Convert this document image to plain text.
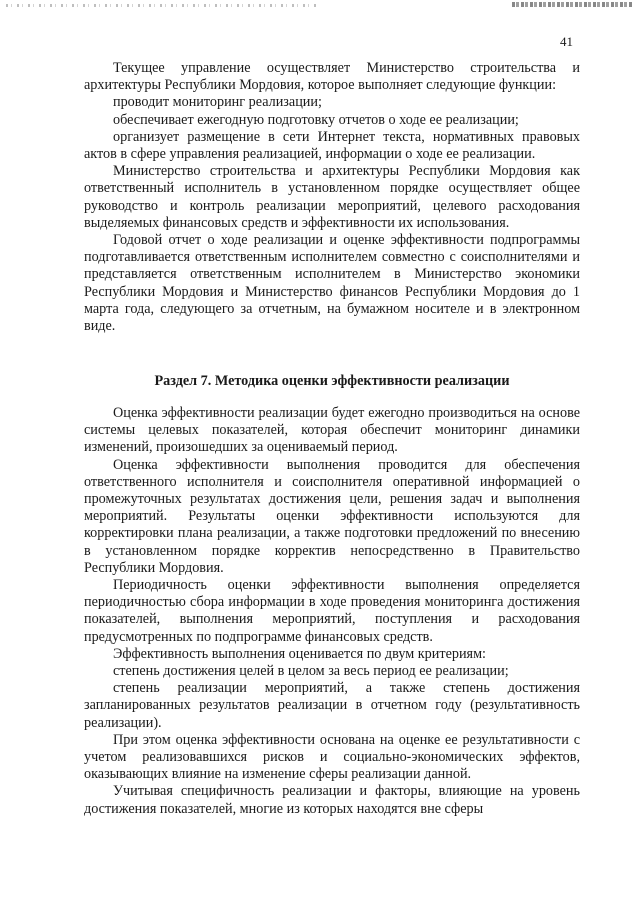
41

Текущее управление осуществляет Министерство строительства и архитектуры Республики Мордовия, которое выполняет следующие функции:

проводит мониторинг реализации;

обеспечивает ежегодную подготовку отчетов о ходе ее реализации;

организует размещение в сети Интернет текста, нормативных правовых актов в сфере управления реализацией, информации о ходе ее реализации.

Министерство строительства и архитектуры Республики Мордовия как ответственный исполнитель в установленном порядке осуществляет общее руководство и контроль реализации мероприятий, целевого расходования выделяемых финансовых средств и эффективности их использования.

Годовой отчет о ходе реализации и оценке эффективности подпрограммы подготавливается ответственным исполнителем совместно с соисполнителями и представляется ответственным исполнителем в Министерство экономики Республики Мордовия и Министерство финансов Республики Мордовия до 1 марта года, следующего за отчетным, на бумажном носителе и в электронном виде.

Раздел 7. Методика оценки эффективности реализации

Оценка эффективности реализации будет ежегодно производиться на основе системы целевых показателей, которая обеспечит мониторинг динамики изменений, произошедших за оцениваемый период.

Оценка эффективности выполнения проводится для обеспечения ответственного исполнителя и соисполнителя оперативной информацией о промежуточных результатах достижения цели, решения задач и выполнения мероприятий. Результаты оценки эффективности используются для корректировки плана реализации, а также подготовки предложений по внесению в установленном порядке корректив непосредственно в Правительство Республики Мордовия.

Периодичность оценки эффективности выполнения определяется периодичностью сбора информации в ходе проведения мониторинга достижения показателей, выполнения мероприятий, поступления и расходования предусмотренных по подпрограмме финансовых средств.

Эффективность выполнения оценивается по двум критериям:

степень достижения целей в целом за весь период ее реализации;

степень реализации мероприятий, а также степень достижения запланированных результатов реализации в отчетном году (результативность реализации).

При этом оценка эффективности основана на оценке ее результативности с учетом реализовавшихся рисков и социально-экономических эффектов, оказывающих влияние на изменение сферы реализации данной.

Учитывая специфичность реализации и факторы, влияющие на уровень достижения показателей, многие из которых находятся вне сферы
